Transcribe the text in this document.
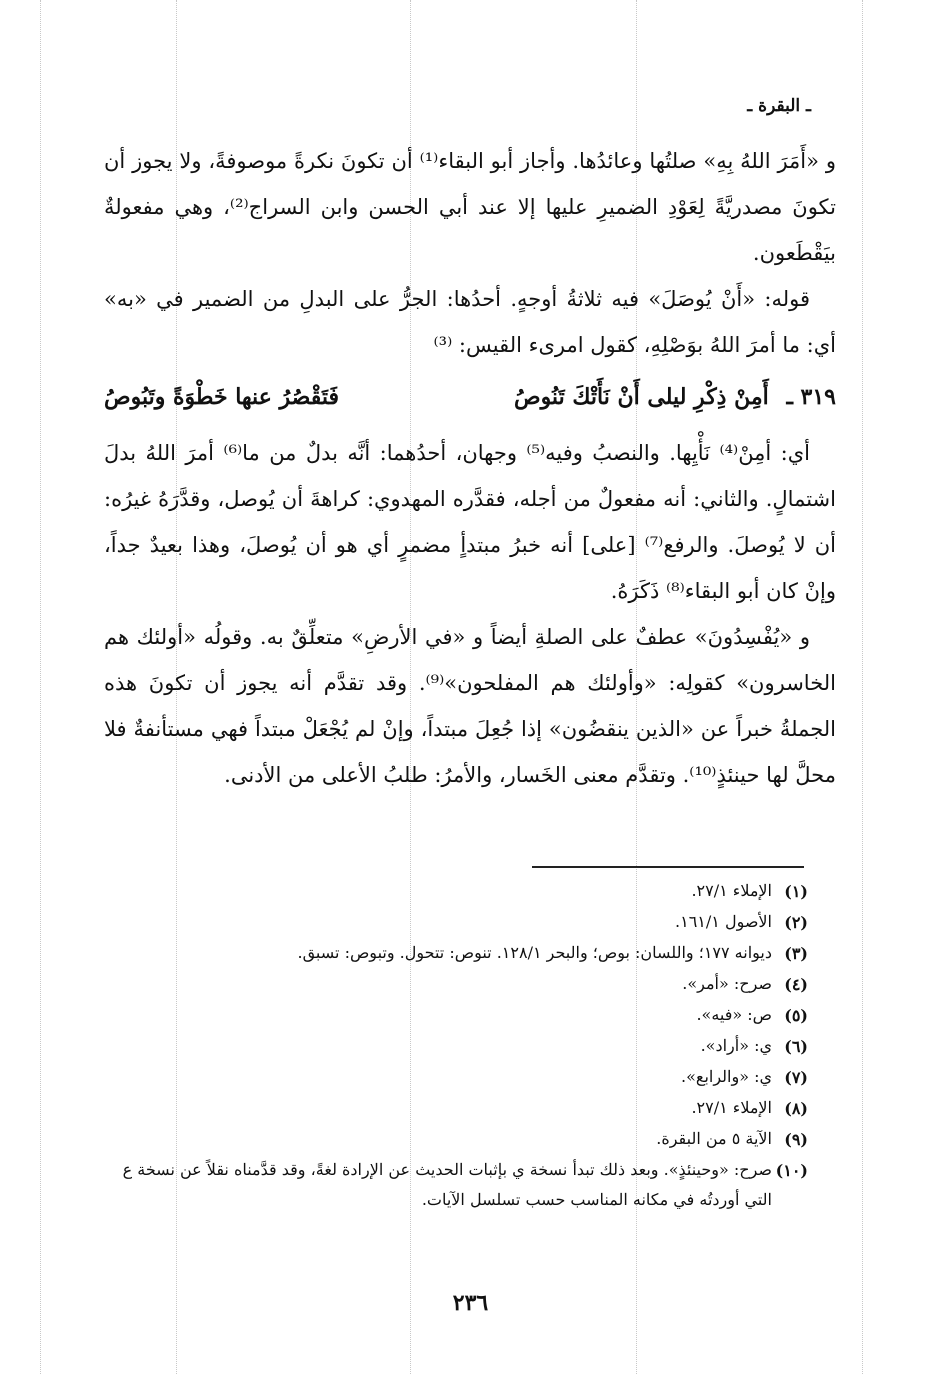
ـ البقرة ـ

و «أَمَرَ اللهُ بِهِ» صلتُها وعائدُها. وأجاز أبو البقاء⁽¹⁾ أن تكونَ نكرةً موصوفةً، ولا يجوز أن تكونَ مصدريَّةً لِعَوْدِ الضميرِ عليها إلا عند أبي الحسن وابن السراج⁽²⁾، وهي مفعولةٌ بيَقْطَعون.

قوله: «أَنْ يُوصَلَ» فيه ثلاثةُ أوجهٍ. أحدُها: الجرُّ على البدلِ من الضمير في «به» أي: ما أمرَ اللهُ بوَصْلِهِ، كقول امرىء القيس: ⁽³⁾

٣١٩ ـ أَمِنْ ذِكْرِ ليلى أَنْ نَأَتْكَ تَنُوصُ
فَتَقْصُرُ عنها خَطْوَةً وتَبُوصُ

أي: أمِنْ⁽⁴⁾ نَأْيِها. والنصبُ وفيه⁽⁵⁾ وجهان، أحدُهما: أنَّه بدلٌ من ما⁽⁶⁾ أمرَ اللهُ بدلَ اشتمالٍ. والثاني: أنه مفعولٌ من أجله، فقدَّره المهدوي: كراهةَ أن يُوصل، وقدَّرَهُ غيرُه: أن لا يُوصلَ. والرفع⁽⁷⁾ [على] أنه خبرُ مبتدأٍ مضمرٍ أي هو أن يُوصلَ، وهذا بعيدٌ جداً، وإنْ كان أبو البقاء⁽⁸⁾ ذَكَرَهُ.

و «يُفْسِدُونَ» عطفٌ على الصلةِ أيضاً و «في الأرضِ» متعلِّقٌ به. وقولُه «أولئك هم الخاسرون» كقولِه: «وأولئك هم المفلحون»⁽⁹⁾. وقد تقدَّم أنه يجوز أن تكونَ هذه الجملةُ خبراً عن «الذين ينقضُون» إذا جُعِلَ مبتداً، وإنْ لم يُجْعَلْ مبتداً فهي مستأنفةٌ فلا محلَّ لها حينئذٍ⁽¹⁰⁾. وتقدَّم معنى الخَسار، والأمرُ: طلبُ الأعلى من الأدنى.

(١)
الإملاء ٢٧/١.
(٢)
الأصول ١٦١/١.
(٣)
ديوانه ١٧٧؛ واللسان: بوص؛ والبحر ١٢٨/١. تنوص: تتحول. وتبوص: تسبق.
(٤)
صرح: «أمر».
(٥)
ص: «فيه».
(٦)
ي: «أراد».
(٧)
ي: «والرابع».
(٨)
الإملاء ٢٧/١.
(٩)
الآية ٥ من البقرة.
(١٠)
صرح: «وحينئذٍ». وبعد ذلك تبدأ نسخة ي بإثبات الحديث عن الإرادة لغةً، وقد قدَّمناه نقلاً عن نسخة ع التي أوردتُه في مكانه المناسب حسب تسلسل الآيات.
٢٣٦
